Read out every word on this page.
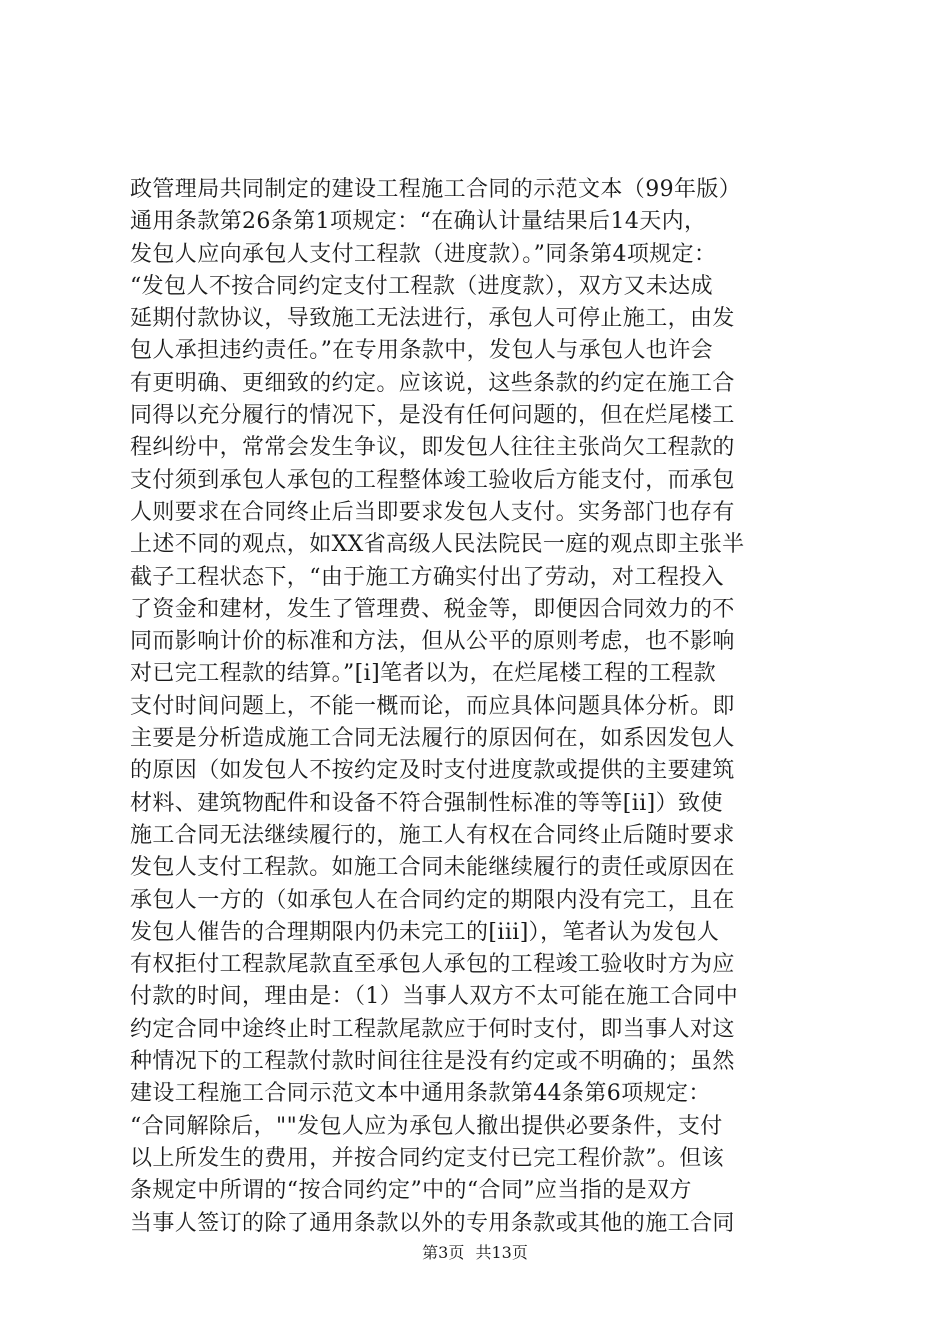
政管理局共同制定的建设工程施工合同的示范文本（99年版）
通用条款第26条第1项规定：“在确认计量结果后14天内，
发包人应向承包人支付工程款（进度款）。”同条第4项规定：
“发包人不按合同约定支付工程款（进度款），双方又未达成
延期付款协议，导致施工无法进行，承包人可停止施工，由发
包人承担违约责任。”在专用条款中，发包人与承包人也许会
有更明确、更细致的约定。应该说，这些条款的约定在施工合
同得以充分履行的情况下，是没有任何问题的，但在烂尾楼工
程纠纷中，常常会发生争议，即发包人往往主张尚欠工程款的
支付须到承包人承包的工程整体竣工验收后方能支付，而承包
人则要求在合同终止后当即要求发包人支付。实务部门也存有
上述不同的观点，如XX省高级人民法院民一庭的观点即主张半
截子工程状态下，“由于施工方确实付出了劳动，对工程投入
了资金和建材，发生了管理费、税金等，即便因合同效力的不
同而影响计价的标准和方法，但从公平的原则考虑，也不影响
对已完工程款的结算。”[i]笔者以为，在烂尾楼工程的工程款
支付时间问题上，不能一概而论，而应具体问题具体分析。即
主要是分析造成施工合同无法履行的原因何在，如系因发包人
的原因（如发包人不按约定及时支付进度款或提供的主要建筑
材料、建筑物配件和设备不符合强制性标准的等等[ii]）致使
施工合同无法继续履行的，施工人有权在合同终止后随时要求
发包人支付工程款。如施工合同未能继续履行的责任或原因在
承包人一方的（如承包人在合同约定的期限内没有完工，且在
发包人催告的合理期限内仍未完工的[iii]），笔者认为发包人
有权拒付工程款尾款直至承包人承包的工程竣工验收时方为应
付款的时间，理由是：（1）当事人双方不太可能在施工合同中
约定合同中途终止时工程款尾款应于何时支付，即当事人对这
种情况下的工程款付款时间往往是没有约定或不明确的；虽然
建设工程施工合同示范文本中通用条款第44条第6项规定：
“合同解除后，""发包人应为承包人撤出提供必要条件，支付
以上所发生的费用，并按合同约定支付已完工程价款”。但该
条规定中所谓的“按合同约定”中的“合同”应当指的是双方
当事人签订的除了通用条款以外的专用条款或其他的施工合同
第3页 共13页
